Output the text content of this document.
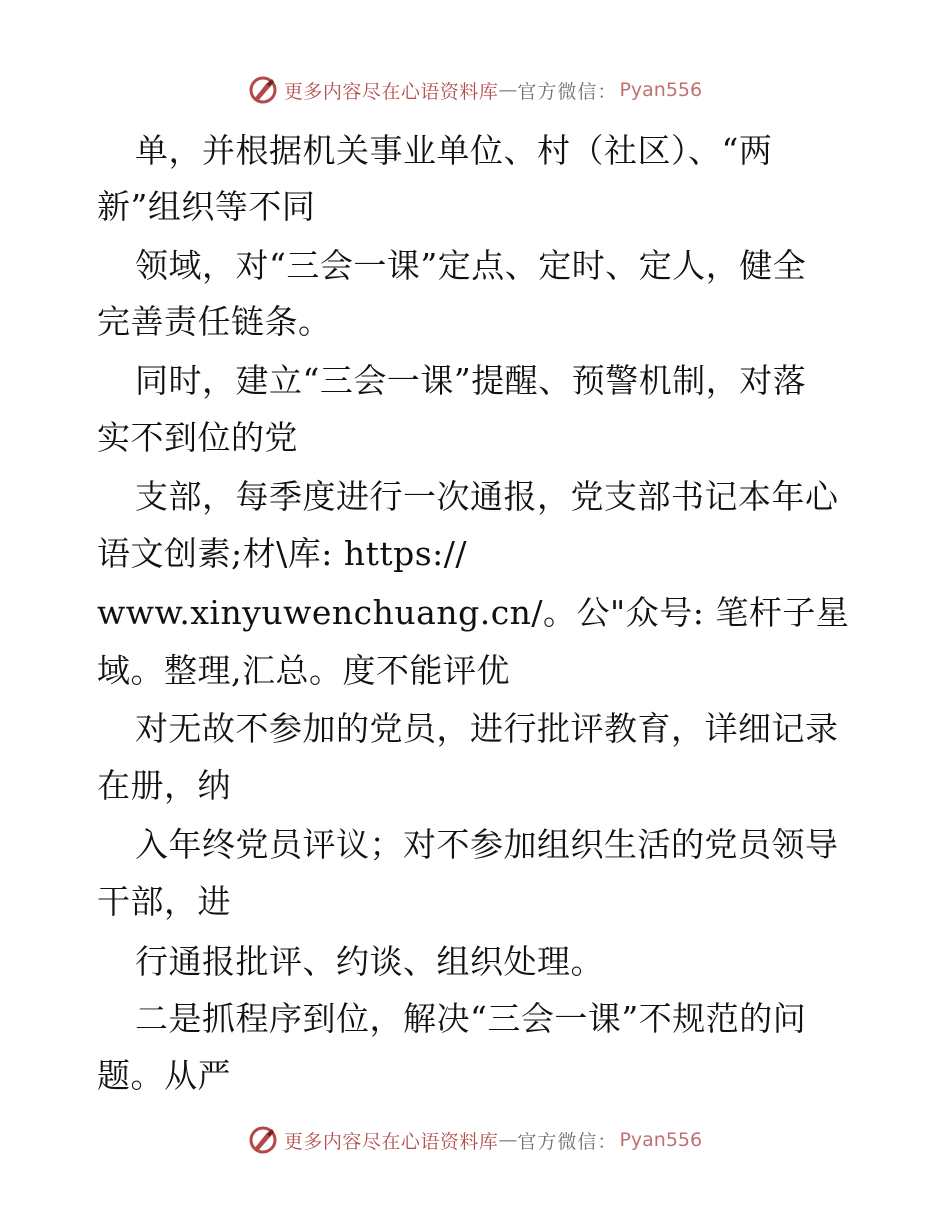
更多内容尽在心语资料库 — 官方微信： Pyan556
单，并根据机关事业单位、村（社区）、“两
新”组织等不同
领域，对“三会一课”定点、定时、定人，健全
完善责任链条。
同时，建立“三会一课”提醒、预警机制，对落
实不到位的党
支部，每季度进行一次通报，党支部书记本年心
语文创素;材\库: https://
www.xinyuwenchuang.cn/。公"众号: 笔杆子星
域。整理,汇总。度不能评优
对无故不参加的党员，进行批评教育，详细记录
在册，纳
入年终党员评议；对不参加组织生活的党员领导
干部，进
行通报批评、约谈、组织处理。
二是抓程序到位，解决“三会一课”不规范的问
题。从严
更多内容尽在心语资料库 — 官方微信： Pyan556
